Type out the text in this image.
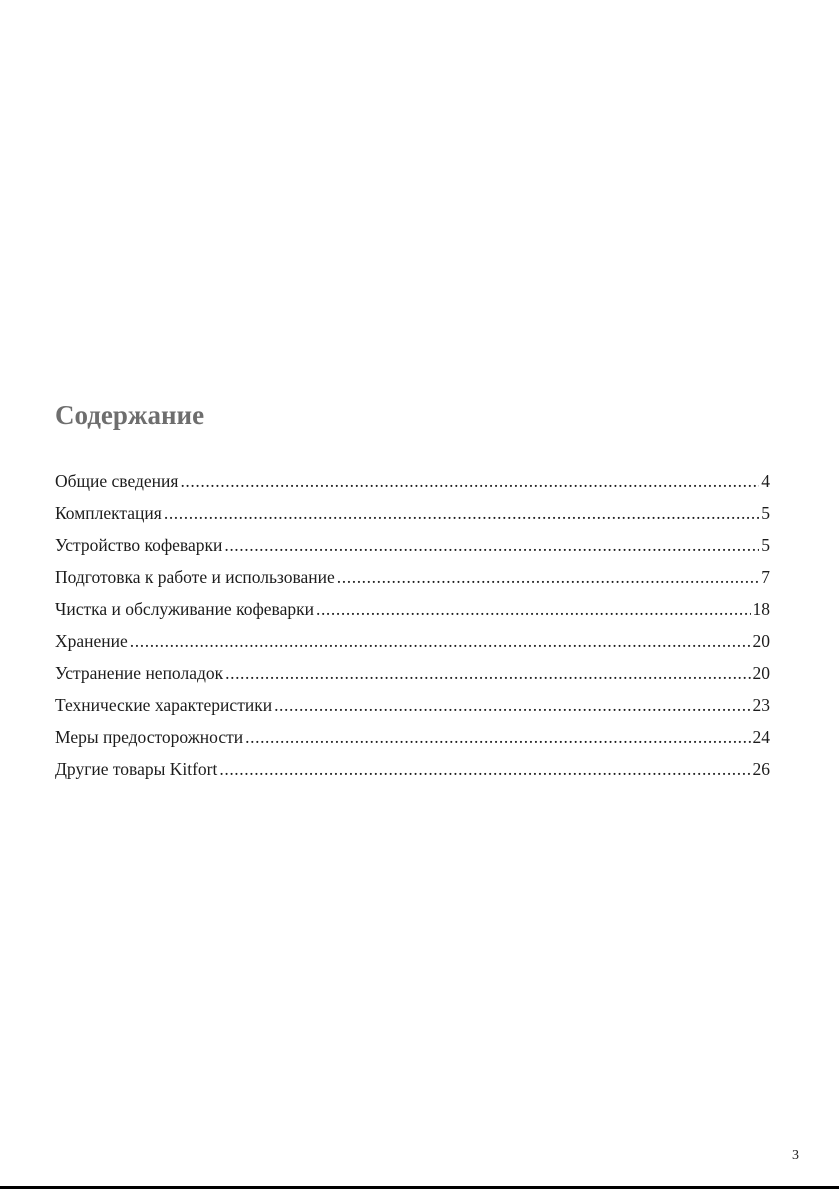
Содержание
Общие сведения .....	4
Комплектация .....	5
Устройство кофеварки .....	5
Подготовка к работе и использование .....	7
Чистка и обслуживание кофеварки .....	18
Хранение .....	20
Устранение неполадок .....	20
Технические характеристики .....	23
Меры предосторожности .....	24
Другие товары Kitfort .....	26
3
